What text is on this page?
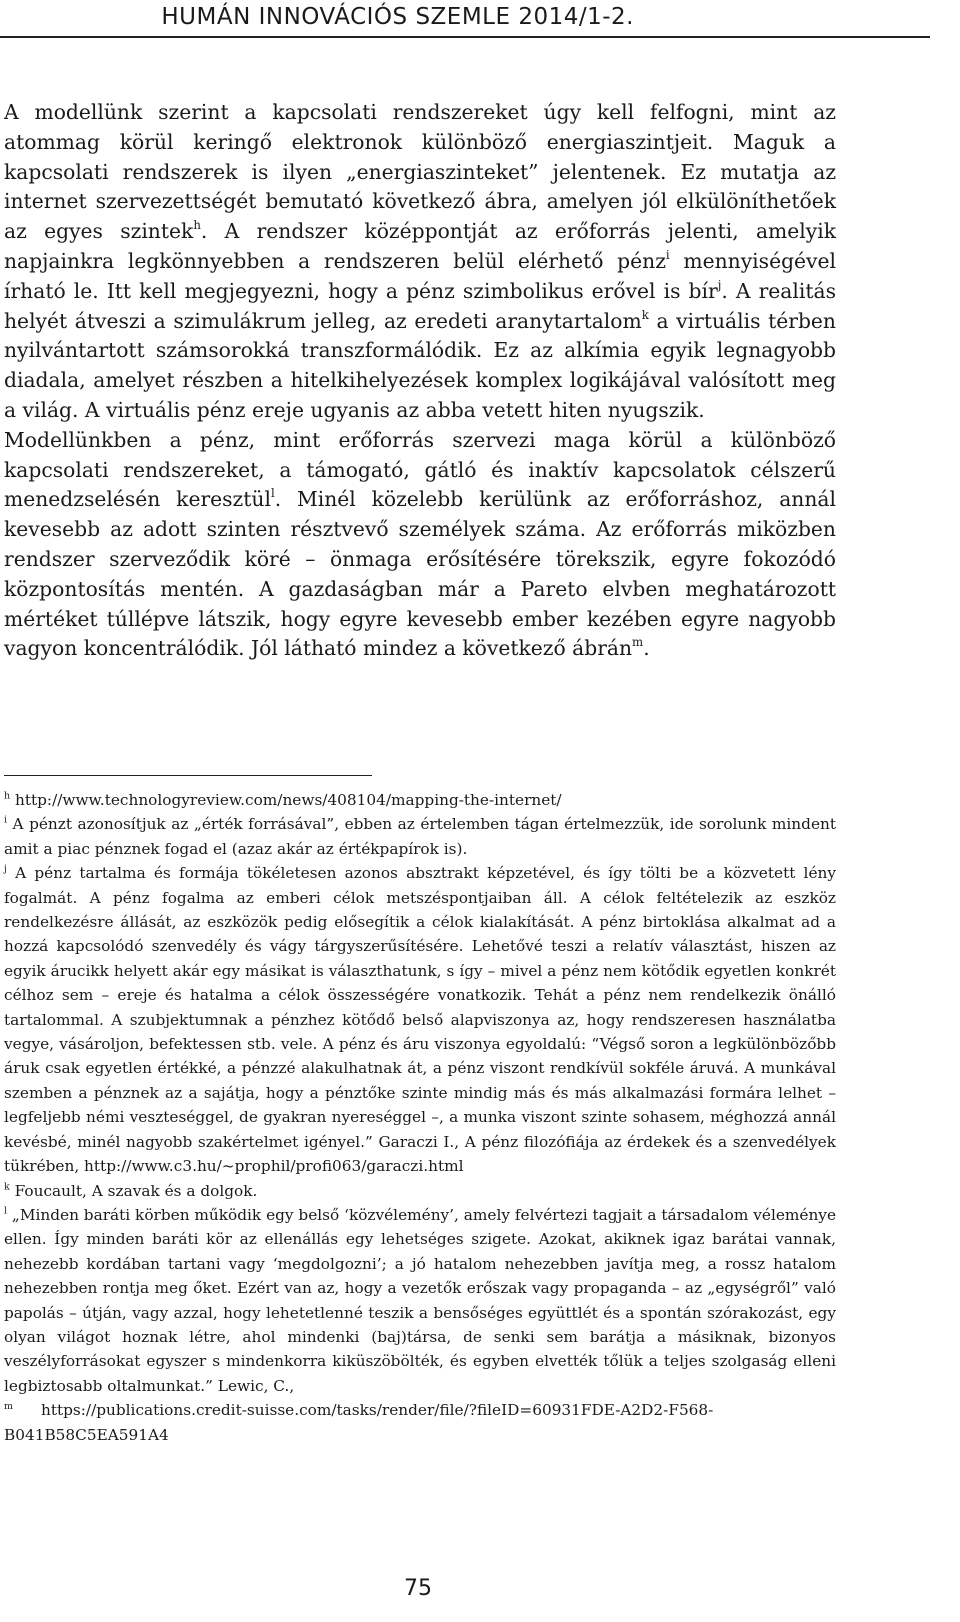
HUMÁN INNOVÁCIÓS SZEMLE 2014/1-2.

A modellünk szerint a kapcsolati rendszereket úgy kell felfogni, mint az atommag körül keringő elektronok különböző energiaszintjeit. Maguk a kapcsolati rendszerek is ilyen „energiaszinteket” jelentenek. Ez mutatja az internet szervezettségét bemutató következő ábra, amelyen jól elkülöníthetőek az egyes szintek$^h$. A rendszer középpontját az erőforrás jelenti, amelyik napjainkra legkönnyebben a rendszeren belül elérhető pénz$^i$ mennyiségével írható le. Itt kell megjegyezni, hogy a pénz szimbolikus erővel is bír$^j$. A realitás helyét átveszi a szimulákrum jelleg, az eredeti aranytartalom$^k$ a virtuális térben nyilvántartott számsorokká transzformálódik. Ez az alkímia egyik legnagyobb diadala, amelyet részben a hitelkihelyezések komplex logikájával valósított meg a világ. A virtuális pénz ereje ugyanis az abba vetett hiten nyugszik.

Modellünkben a pénz, mint erőforrás szervezi maga körül a különböző kapcsolati rendszereket, a támogató, gátló és inaktív kapcsolatok célszerű menedzselésén keresztül$^l$. Minél közelebb kerülünk az erőforráshoz, annál kevesebb az adott szinten résztvevő személyek száma. Az erőforrás miközben rendszer szerveződik köré – önmaga erősítésére törekszik, egyre fokozódó központosítás mentén. A gazdaságban már a Pareto elvben meghatározott mértéket túllépve látszik, hogy egyre kevesebb ember kezében egyre nagyobb vagyon koncentrálódik. Jól látható mindez a következő ábrán$^m$.

$^h$ http://www.technologyreview.com/news/408104/mapping-the-internet/

$^i$ A pénzt azonosítjuk az „érték forrásával”, ebben az értelemben tágan értelmezzük, ide sorolunk mindent amit a piac pénznek fogad el (azaz akár az értékpapírok is).

$^j$ A pénz tartalma és formája tökéletesen azonos absztrakt képzetével, és így tölti be a közvetett lény fogalmát. A pénz fogalma az emberi célok metszéspontjaiban áll. A célok feltételezik az eszköz rendelkezésre állását, az eszközök pedig elősegítik a célok kialakítását. A pénz birtoklása alkalmat ad a hozzá kapcsolódó szenvedély és vágy tárgyszerűsítésére. Lehetővé teszi a relatív választást, hiszen az egyik árucikk helyett akár egy másikat is választhatunk, s így – mivel a pénz nem kötődik egyetlen konkrét célhoz sem – ereje és hatalma a célok összességére vonatkozik. Tehát a pénz nem rendelkezik önálló tartalommal. A szubjektumnak a pénzhez kötődő belső alapviszonya az, hogy rendszeresen használatba vegye, vásároljon, befektessen stb. vele. A pénz és áru viszonya egyoldalú: “Végső soron a legkülönbözőbb áruk csak egyetlen értékké, a pénzzé alakulhatnak át, a pénz viszont rendkívül sokféle áruvá. A munkával szemben a pénznek az a sajátja, hogy a pénztőke szinte mindig más és más alkalmazási formára lelhet – legfeljebb némi veszteséggel, de gyakran nyereséggel –, a munka viszont szinte sohasem, méghozzá annál kevésbé, minél nagyobb szakértelmet igényel.” Garaczi I., A pénz filozófiája az érdekek és a szenvedélyek tükrében, http://www.c3.hu/~prophil/profi063/garaczi.html

$^k$ Foucault, A szavak és a dolgok.

$^l$ „Minden baráti körben működik egy belső ‘közvélemény’, amely felvértezi tagjait a társadalom véleménye ellen. Így minden baráti kör az ellenállás egy lehetséges szigete. Azokat, akiknek igaz barátai vannak, nehezebb kordában tartani vagy ‘megdolgozni’; a jó hatalom nehezebben javítja meg, a rossz hatalom nehezebben rontja meg őket. Ezért van az, hogy a vezetők erőszak vagy propaganda – az „egységről” való papolás – útján, vagy azzal, hogy lehetetlenné teszik a bensőséges együttlét és a spontán szórakozást, egy olyan világot hoznak létre, ahol mindenki (baj)társa, de senki sem barátja a másiknak, bizonyos veszélyforrásokat egyszer s mindenkorra kiküszöbölték, és egyben elvették tőlük a teljes szolgaság elleni legbiztosabb oltalmunkat.” Lewic, C.,

$^m$ https://publications.credit-suisse.com/tasks/render/file/?fileID=60931FDE-A2D2-F568-B041B58C5EA591A4

75
